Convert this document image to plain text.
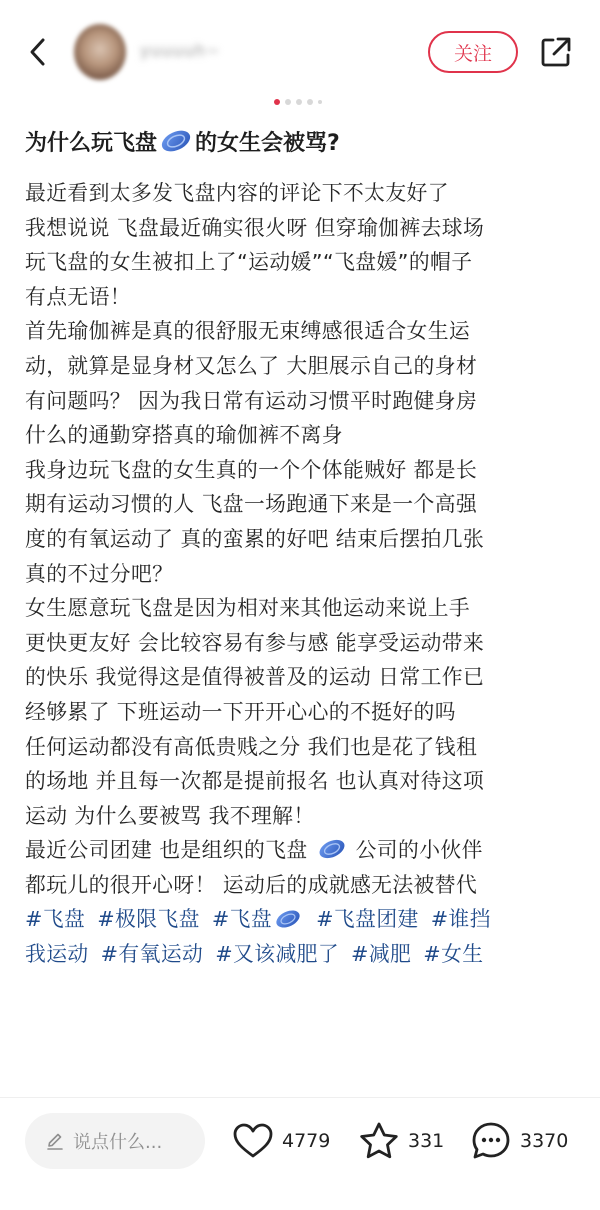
yuuuuh~	关注
为什么玩飞盘 的女生会被骂?
最近看到太多发飞盘内容的评论下不太友好了
我想说说 飞盘最近确实很火呀 但穿瑜伽裤去球场
玩飞盘的女生被扣上了“运动媛”“飞盘媛”的帽子
有点无语！
首先瑜伽裤是真的很舒服无束缚感很适合女生运
动，就算是显身材又怎么了 大胆展示自己的身材
有问题吗？ 因为我日常有运动习惯平时跑健身房
什么的通勤穿搭真的瑜伽裤不离身
我身边玩飞盘的女生真的一个个体能贼好 都是长
期有运动习惯的人 飞盘一场跑通下来是一个高强
度的有氧运动了 真的蛮累的好吧 结束后摆拍几张
真的不过分吧？
女生愿意玩飞盘是因为相对来其他运动来说上手
更快更友好 会比较容易有参与感 能享受运动带来
的快乐 我觉得这是值得被普及的运动 日常工作已
经够累了 下班运动一下开开心心的不挺好的吗
任何运动都没有高低贵贱之分 我们也是花了钱租
的场地 并且每一次都是提前报名 也认真对待这项
运动 为什么要被骂 我不理解！
最近公司团建 也是组织的飞盘 公司的小伙伴
都玩儿的很开心呀！ 运动后的成就感无法被替代
#飞盘 #极限飞盘 #飞盘 #飞盘团建 #谁挡
我运动 #有氧运动 #又该减肥了 #减肥 #女生
说点什么...	4779	331	3370
